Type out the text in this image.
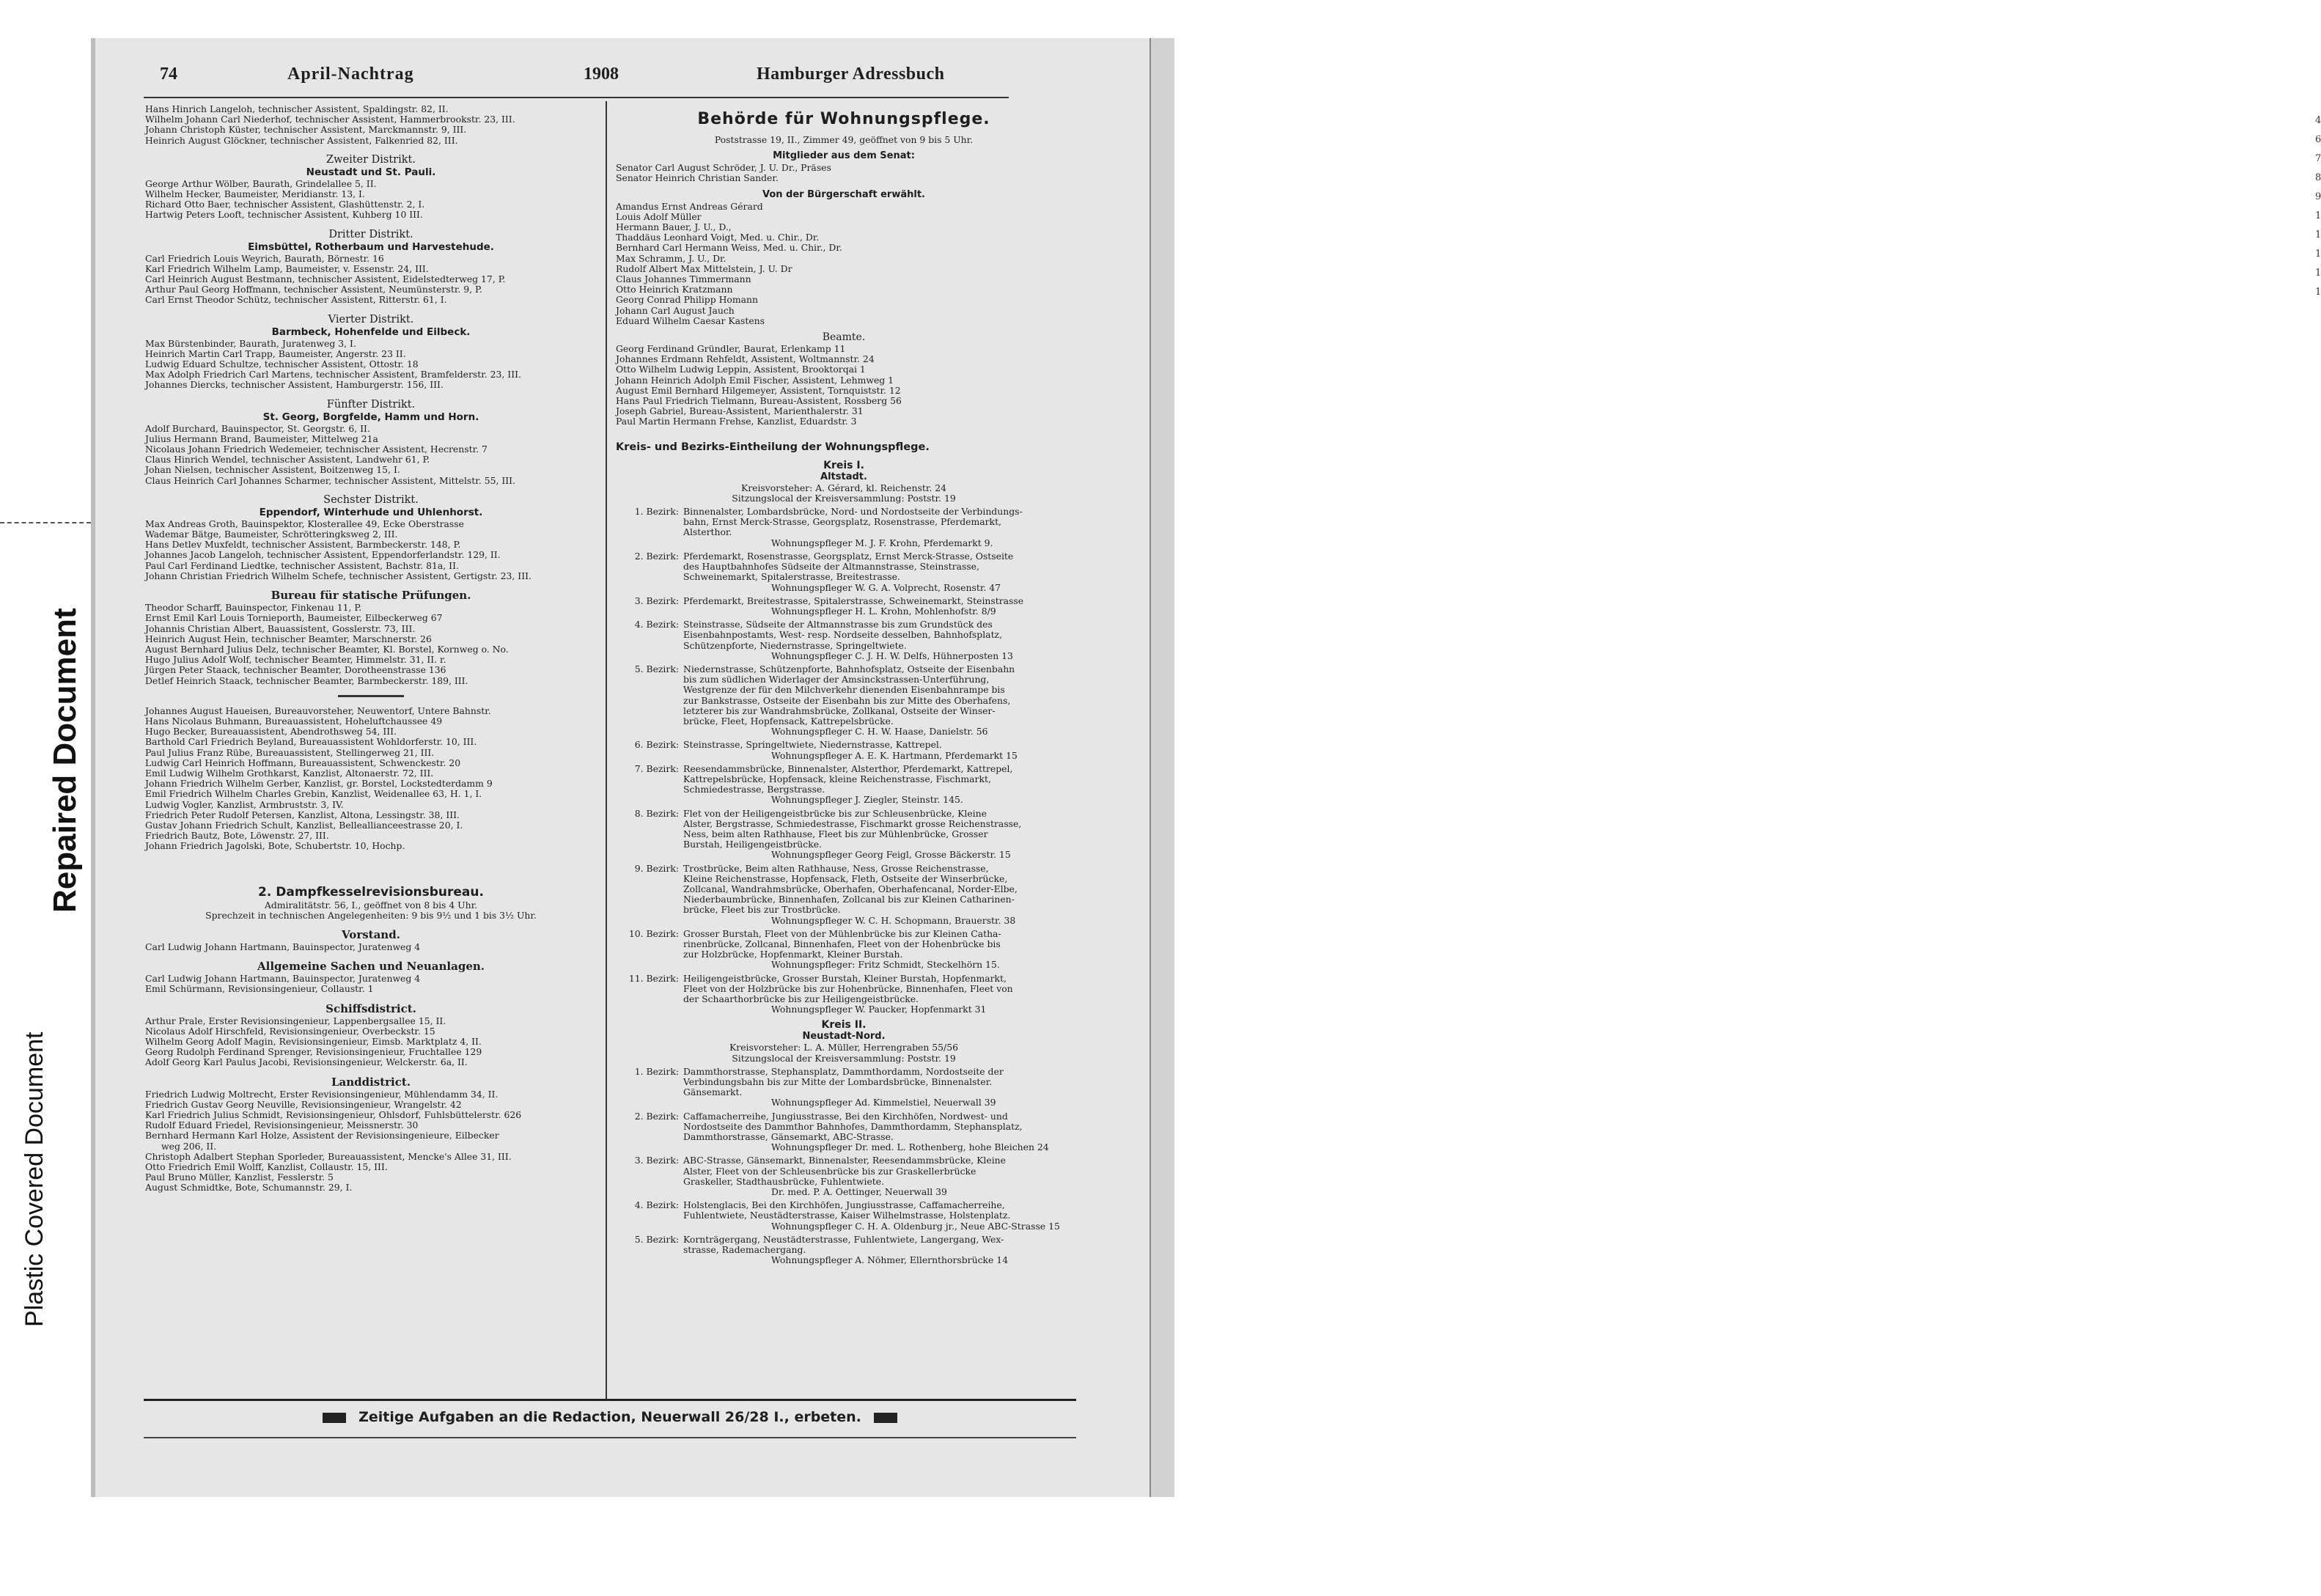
4
6
7
8
9
1
1
1
1
1
Plastic Covered Document
Repaired Document
74	April-Nachtrag	1908	Hamburger Adressbuch
Hans Hinrich Langeloh, technischer Assistent, Spaldingstr. 82, II.
Wilhelm Johann Carl Niederhof, technischer Assistent, Hammerbrookstr. 23, III.
Johann Christoph Küster, technischer Assistent, Marckmannstr. 9, III.
Heinrich August Glöckner, technischer Assistent, Falkenried 82, III.
Zweiter Distrikt.
Neustadt und St. Pauli.
George Arthur Wölber, Baurath, Grindelallee 5, II.
Wilhelm Hecker, Baumeister, Meridianstr. 13, I.
Richard Otto Baer, technischer Assistent, Glashüttenstr. 2, I.
Hartwig Peters Looft, technischer Assistent, Kuhberg 10 III.
Dritter Distrikt.
Eimsbüttel, Rotherbaum und Harvestehude.
Carl Friedrich Louis Weyrich, Baurath, Börnestr. 16
Karl Friedrich Wilhelm Lamp, Baumeister, v. Essenstr. 24, III.
Carl Heinrich August Bestmann, technischer Assistent, Eidelstedterweg 17, P.
Arthur Paul Georg Hoffmann, technischer Assistent, Neumünsterstr. 9, P.
Carl Ernst Theodor Schütz, technischer Assistent, Ritterstr. 61, I.
Vierter Distrikt.
Barmbeck, Hohenfelde und Eilbeck.
Max Bürstenbinder, Baurath, Juratenweg 3, I.
Heinrich Martin Carl Trapp, Baumeister, Angerstr. 23 II.
Ludwig Eduard Schultze, technischer Assistent, Ottostr. 18
Max Adolph Friedrich Carl Martens, technischer Assistent, Bramfelderstr. 23, III.
Johannes Diercks, technischer Assistent, Hamburgerstr. 156, III.
Fünfter Distrikt.
St. Georg, Borgfelde, Hamm und Horn.
Adolf Burchard, Bauinspector, St. Georgstr. 6, II.
Julius Hermann Brand, Baumeister, Mittelweg 21a
Nicolaus Johann Friedrich Wedemeier, technischer Assistent, Hecrenstr. 7
Claus Hinrich Wendel, technischer Assistent, Landwehr 61, P.
Johan Nielsen, technischer Assistent, Boitzenweg 15, I.
Claus Heinrich Carl Johannes Scharmer, technischer Assistent, Mittelstr. 55, III.
Sechster Distrikt.
Eppendorf, Winterhude und Uhlenhorst.
Max Andreas Groth, Bauinspektor, Klosterallee 49, Ecke Oberstrasse
Wademar Bätge, Baumeister, Schrötteringksweg 2, III.
Hans Detlev Muxfeldt, technischer Assistent, Barmbeckerstr. 148, P.
Johannes Jacob Langeloh, technischer Assistent, Eppendorferlandstr. 129, II.
Paul Carl Ferdinand Liedtke, technischer Assistent, Bachstr. 81a, II.
Johann Christian Friedrich Wilhelm Schefe, technischer Assistent, Gertigstr. 23, III.
Bureau für statische Prüfungen.
Theodor Scharff, Bauinspector, Finkenau 11, P.
Ernst Emil Karl Louis Tornieporth, Baumeister, Eilbeckerweg 67
Johannis Christian Albert, Bauassistent, Gosslerstr. 73, III.
Heinrich August Hein, technischer Beamter, Marschnerstr. 26
August Bernhard Julius Delz, technischer Beamter, Kl. Borstel, Kornweg o. No.
Hugo Julius Adolf Wolf, technischer Beamter, Himmelstr. 31, II. r.
Jürgen Peter Staack, technischer Beamter, Dorotheenstrasse 136
Detlef Heinrich Staack, technischer Beamter, Barmbeckerstr. 189, III.
Johannes August Haueisen, Bureauvorsteher, Neuwentorf, Untere Bahnstr.
Hans Nicolaus Buhmann, Bureauassistent, Hoheluftchaussee 49
Hugo Becker, Bureauassistent, Abendrothsweg 54, III.
Barthold Carl Friedrich Beyland, Bureauassistent Wohldorferstr. 10, III.
Paul Julius Franz Rübe, Bureauassistent, Stellingerweg 21, III.
Ludwig Carl Heinrich Hoffmann, Bureauassistent, Schwenckestr. 20
Emil Ludwig Wilhelm Grothkarst, Kanzlist, Altonaerstr. 72, III.
Johann Friedrich Wilhelm Gerber, Kanzlist, gr. Borstel, Lockstedterdamm 9
Emil Friedrich Wilhelm Charles Grebin, Kanzlist, Weidenallee 63, H. 1, I.
Ludwig Vogler, Kanzlist, Armbruststr. 3, IV.
Friedrich Peter Rudolf Petersen, Kanzlist, Altona, Lessingstr. 38, III.
Gustav Johann Friedrich Schult, Kanzlist, Belleallianceestrasse 20, I.
Friedrich Bautz, Bote, Löwenstr. 27, III.
Johann Friedrich Jagolski, Bote, Schubertstr. 10, Hochp.
2. Dampfkesselrevisionsbureau.
Admiralitätstr. 56, I., geöffnet von 8 bis 4 Uhr.
Sprechzeit in technischen Angelegenheiten: 9 bis 9½ und 1 bis 3½ Uhr.
Vorstand.
Carl Ludwig Johann Hartmann, Bauinspector, Juratenweg 4
Allgemeine Sachen und Neuanlagen.
Carl Ludwig Johann Hartmann, Bauinspector, Juratenweg 4
Emil Schürmann, Revisionsingenieur, Collaustr. 1
Schiffsdistrict.
Arthur Prale, Erster Revisionsingenieur, Lappenbergsallee 15, II.
Nicolaus Adolf Hirschfeld, Revisionsingenieur, Overbeckstr. 15
Wilhelm Georg Adolf Magin, Revisionsingenieur, Eimsb. Marktplatz 4, II.
Georg Rudolph Ferdinand Sprenger, Revisionsingenieur, Fruchtallee 129
Adolf Georg Karl Paulus Jacobi, Revisionsingenieur, Welckerstr. 6a, II.
Landdistrict.
Friedrich Ludwig Moltrecht, Erster Revisionsingenieur, Mühlendamm 34, II.
Friedrich Gustav Georg Neuville, Revisionsingenieur, Wrangelstr. 42
Karl Friedrich Julius Schmidt, Revisionsingenieur, Ohlsdorf, Fuhlsbüttelerstr. 626
Rudolf Eduard Friedel, Revisionsingenieur, Meissnerstr. 30
Bernhard Hermann Karl Holze, Assistent der Revisionsingenieure, Eilbecker
weg 206, II.
Christoph Adalbert Stephan Sporleder, Bureauassistent, Mencke's Allee 31, III.
Otto Friedrich Emil Wolff, Kanzlist, Collaustr. 15, III.
Paul Bruno Müller, Kanzlist, Fesslerstr. 5
August Schmidtke, Bote, Schumannstr. 29, I.
Behörde für Wohnungspflege.
Poststrasse 19, II., Zimmer 49, geöffnet von 9 bis 5 Uhr.
Mitglieder aus dem Senat:
Senator Carl August Schröder, J. U. Dr., Präses
Senator Heinrich Christian Sander.
Von der Bürgerschaft erwählt.
Amandus Ernst Andreas Gérard
Louis Adolf Müller
Hermann Bauer, J. U., D.,
Thaddäus Leonhard Voigt, Med. u. Chir., Dr.
Bernhard Carl Hermann Weiss, Med. u. Chir., Dr.
Max Schramm, J. U., Dr.
Rudolf Albert Max Mittelstein, J. U. Dr
Claus Johannes Timmermann
Otto Heinrich Kratzmann
Georg Conrad Philipp Homann
Johann Carl August Jauch
Eduard Wilhelm Caesar Kastens
Beamte.
Georg Ferdinand Gründler, Baurat, Erlenkamp 11
Johannes Erdmann Rehfeldt, Assistent, Woltmannstr. 24
Otto Wilhelm Ludwig Leppin, Assistent, Brooktorqai 1
Johann Heinrich Adolph Emil Fischer, Assistent, Lehmweg 1
August Emil Bernhard Hilgemeyer, Assistent, Tornquiststr. 12
Hans Paul Friedrich Tielmann, Bureau-Assistent, Rossberg 56
Joseph Gabriel, Bureau-Assistent, Marienthalerstr. 31
Paul Martin Hermann Frehse, Kanzlist, Eduardstr. 3
Kreis- und Bezirks-Eintheilung der Wohnungspflege.
Kreis I.
Altstadt.
Kreisvorsteher: A. Gérard, kl. Reichenstr. 24
Sitzungslocal der Kreisversammlung: Poststr. 19
1. Bezirk: Binnenalster, Lombardsbrücke, Nord- und Nordostseite der Verbindungs-
bahn, Ernst Merck-Strasse, Georgsplatz, Rosenstrasse, Pferdemarkt,
Alsterthor.
Wohnungspfleger M. J. F. Krohn, Pferdemarkt 9.
2. Bezirk: Pferdemarkt, Rosenstrasse, Georgsplatz, Ernst Merck-Strasse, Ostseite
des Hauptbahnhofes Südseite der Altmannstrasse, Steinstrasse,
Schweinemarkt, Spitalerstrasse, Breitestrasse.
Wohnungspfleger W. G. A. Volprecht, Rosenstr. 47
3. Bezirk: Pferdemarkt, Breitestrasse, Spitalerstrasse, Schweinemarkt, Steinstrasse
Wohnungspfleger H. L. Krohn, Mohlenhofstr. 8/9
4. Bezirk: Steinstrasse, Südseite der Altmannstrasse bis zum Grundstück des
Eisenbahnpostamts, West- resp. Nordseite desselben, Bahnhofsplatz,
Schützenpforte, Niedernstrasse, Springeltwiete.
Wohnungspfleger C. J. H. W. Delfs, Hühnerposten 13
5. Bezirk: Niedernstrasse, Schützenpforte, Bahnhofsplatz, Ostseite der Eisenbahn
bis zum südlichen Widerlager der Amsinckstrassen-Unterführung,
Westgrenze der für den Milchverkehr dienenden Eisenbahnrampe bis
zur Bankstrasse, Ostseite der Eisenbahn bis zur Mitte des Oberhafens,
letzterer bis zur Wandrahmsbrücke, Zollkanal, Ostseite der Winser-
brücke, Fleet, Hopfensack, Kattrepelsbrücke.
Wohnungspfleger C. H. W. Haase, Danielstr. 56
6. Bezirk: Steinstrasse, Springeltwiete, Niedernstrasse, Kattrepel.
Wohnungspfleger A. E. K. Hartmann, Pferdemarkt 15
7. Bezirk: Reesendammsbrücke, Binnenalster, Alsterthor, Pferdemarkt, Kattrepel,
Kattrepelsbrücke, Hopfensack, kleine Reichenstrasse, Fischmarkt,
Schmiedestrasse, Bergstrasse.
Wohnungspfleger J. Ziegler, Steinstr. 145.
8. Bezirk: Flet von der Heiligengeistbrücke bis zur Schleusenbrücke, Kleine
Alster, Bergstrasse, Schmiedestrasse, Fischmarkt grosse Reichenstrasse,
Ness, beim alten Rathhause, Fleet bis zur Mühlenbrücke, Grosser
Burstah, Heiligengeistbrücke.
Wohnungspfleger Georg Feigl, Grosse Bäckerstr. 15
9. Bezirk: Trostbrücke, Beim alten Rathhause, Ness, Grosse Reichenstrasse,
Kleine Reichenstrasse, Hopfensack, Fleth, Ostseite der Winserbrücke,
Zollcanal, Wandrahmsbrücke, Oberhafen, Oberhafencanal, Norder-Elbe,
Niederbaumbrücke, Binnenhafen, Zollcanal bis zur Kleinen Catharinen-
brücke, Fleet bis zur Trostbrücke.
Wohnungspfleger W. C. H. Schopmann, Brauerstr. 38
10. Bezirk: Grosser Burstah, Fleet von der Mühlenbrücke bis zur Kleinen Catha-
rinenbrücke, Zollcanal, Binnenhafen, Fleet von der Hohenbrücke bis
zur Holzbrücke, Hopfenmarkt, Kleiner Burstah.
Wohnungspfleger: Fritz Schmidt, Steckelhörn 15.
11. Bezirk: Heiligengeistbrücke, Grosser Burstah, Kleiner Burstah, Hopfenmarkt,
Fleet von der Holzbrücke bis zur Hohenbrücke, Binnenhafen, Fleet von
der Schaarthorbrücke bis zur Heiligengeistbrücke.
Wohnungspfleger W. Paucker, Hopfenmarkt 31
Kreis II.
Neustadt-Nord.
Kreisvorsteher: L. A. Müller, Herrengraben 55/56
Sitzungslocal der Kreisversammlung: Poststr. 19
1. Bezirk: Dammthorstrasse, Stephansplatz, Dammthordamm, Nordostseite der
Verbindungsbahn bis zur Mitte der Lombardsbrücke, Binnenalster.
Gänsemarkt.
Wohnungspfleger Ad. Kimmelstiel, Neuerwall 39
2. Bezirk: Caffamacherreihe, Jungiusstrasse, Bei den Kirchhöfen, Nordwest- und
Nordostseite des Dammthor Bahnhofes, Dammthordamm, Stephansplatz,
Dammthorstrasse, Gänsemarkt, ABC-Strasse.
Wohnungspfleger Dr. med. L. Rothenberg, hohe Bleichen 24
3. Bezirk: ABC-Strasse, Gänsemarkt, Binnenalster, Reesendammsbrücke, Kleine
Alster, Fleet von der Schleusenbrücke bis zur Graskellerbrücke
Graskeller, Stadthausbrücke, Fuhlentwiete.
Dr. med. P. A. Oettinger, Neuerwall 39
4. Bezirk: Holstenglacis, Bei den Kirchhöfen, Jungiusstrasse, Caffamacherreihe,
Fuhlentwiete, Neustädterstrasse, Kaiser Wilhelmstrasse, Holstenplatz.
Wohnungspfleger C. H. A. Oldenburg jr., Neue ABC-Strasse 15
5. Bezirk: Kornträgergang, Neustädterstrasse, Fuhlentwiete, Langergang, Wex-
strasse, Rademachergang.
Wohnungspfleger A. Nöhmer, Ellernthorsbrücke 14
Zeitige Aufgaben an die Redaction, Neuerwall 26/28 I., erbeten.
